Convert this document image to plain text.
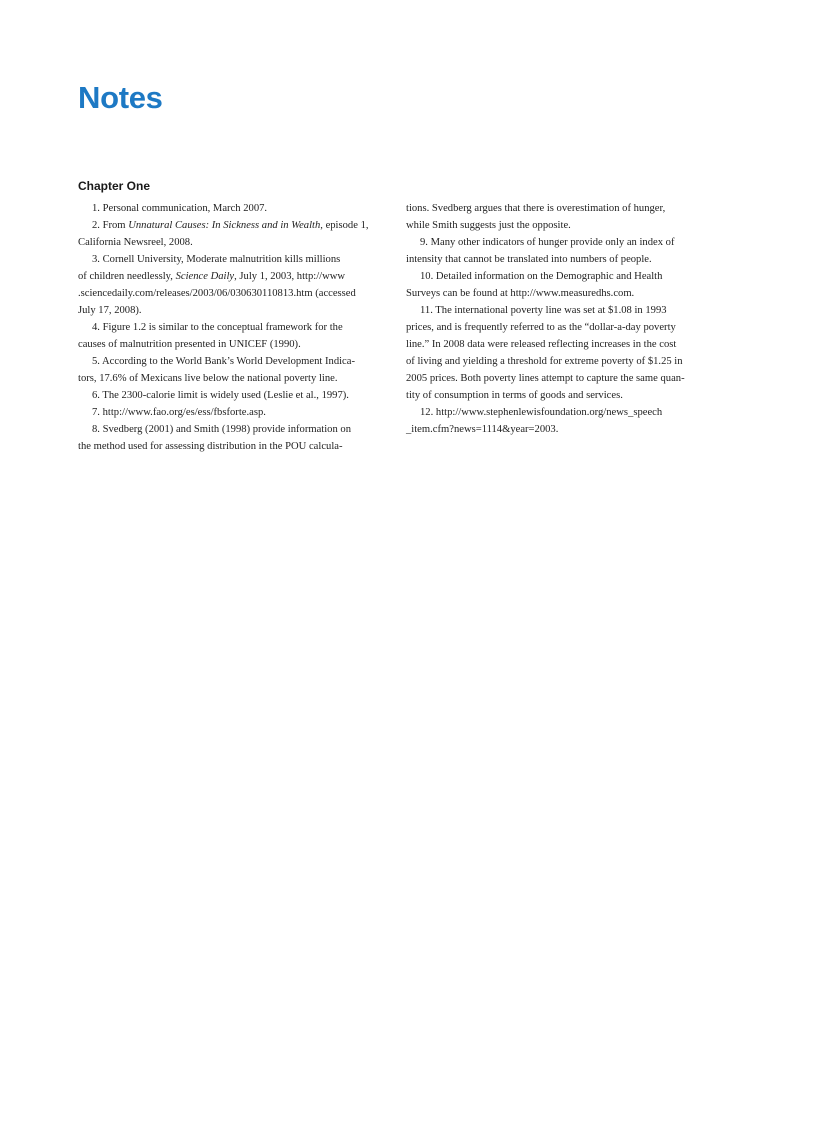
Notes
Chapter One
1. Personal communication, March 2007.
2. From Unnatural Causes: In Sickness and in Wealth, episode 1,
California Newsreel, 2008.
3. Cornell University, Moderate malnutrition kills millions
of children needlessly, Science Daily, July 1, 2003, http://www
.sciencedaily.com/releases/2003/06/030630110813.htm (accessed
July 17, 2008).
4. Figure 1.2 is similar to the conceptual framework for the
causes of malnutrition presented in UNICEF (1990).
5. According to the World Bank’s World Development Indica-
tors, 17.6% of Mexicans live below the national poverty line.
6. The 2300-calorie limit is widely used (Leslie et al., 1997).
7. http://www.fao.org/es/ess/fbsforte.asp.
8. Svedberg (2001) and Smith (1998) provide information on
the method used for assessing distribution in the POU calcula-
tions. Svedberg argues that there is overestimation of hunger,
while Smith suggests just the opposite.
9. Many other indicators of hunger provide only an index of
intensity that cannot be translated into numbers of people.
10. Detailed information on the Demographic and Health
Surveys can be found at http://www.measuredhs.com.
11. The international poverty line was set at $1.08 in 1993
prices, and is frequently referred to as the “dollar-a-day poverty
line.” In 2008 data were released reflecting increases in the cost
of living and yielding a threshold for extreme poverty of $1.25 in
2005 prices. Both poverty lines attempt to capture the same quan-
tity of consumption in terms of goods and services.
12. http://www.stephenlewisfoundation.org/news_speech
_item.cfm?news=1114&year=2003.
